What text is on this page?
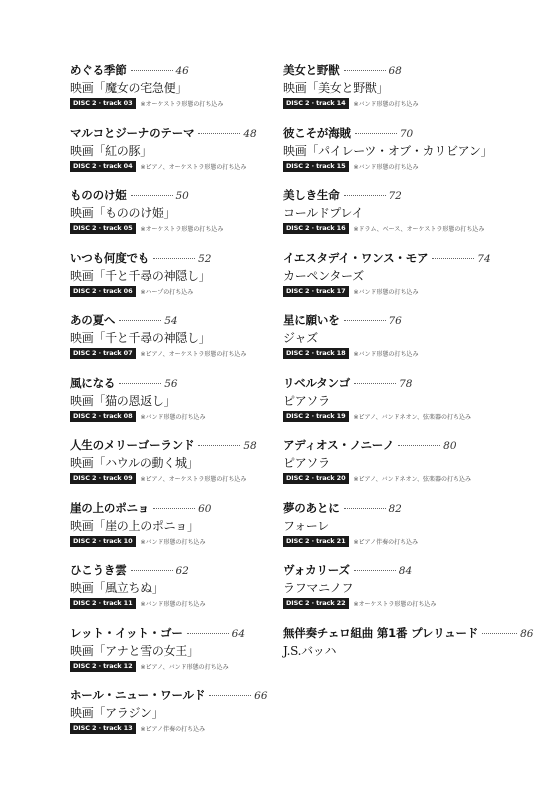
めぐる季節	46
映画「魔女の宅急便」
DISC 2 · track 03	※オーケストラ形態の打ち込み
マルコとジーナのテーマ	48
映画「紅の豚」
DISC 2 · track 04	※ピアノ、オーケストラ形態の打ち込み
もののけ姫	50
映画「もののけ姫」
DISC 2 · track 05	※オーケストラ形態の打ち込み
いつも何度でも	52
映画「千と千尋の神隠し」
DISC 2 · track 06	※ハープの打ち込み
あの夏へ	54
映画「千と千尋の神隠し」
DISC 2 · track 07	※ピアノ、オーケストラ形態の打ち込み
風になる	56
映画「猫の恩返し」
DISC 2 · track 08	※バンド形態の打ち込み
人生のメリーゴーランド	58
映画「ハウルの動く城」
DISC 2 · track 09	※ピアノ、オーケストラ形態の打ち込み
崖の上のポニョ	60
映画「崖の上のポニョ」
DISC 2 · track 10	※バンド形態の打ち込み
ひこうき雲	62
映画「風立ちぬ」
DISC 2 · track 11	※バンド形態の打ち込み
レット・イット・ゴー	64
映画「アナと雪の女王」
DISC 2 · track 12	※ピアノ、バンド形態の打ち込み
ホール・ニュー・ワールド	66
映画「アラジン」
DISC 2 · track 13	※ピアノ伴奏の打ち込み
美女と野獣	68
映画「美女と野獣」
DISC 2 · track 14	※バンド形態の打ち込み
彼こそが海賊	70
映画「パイレーツ・オブ・カリビアン」
DISC 2 · track 15	※バンド形態の打ち込み
美しき生命	72
コールドプレイ
DISC 2 · track 16	※ドラム、ベース、オーケストラ形態の打ち込み
イエスタデイ・ワンス・モア	74
カーペンターズ
DISC 2 · track 17	※バンド形態の打ち込み
星に願いを	76
ジャズ
DISC 2 · track 18	※バンド形態の打ち込み
リベルタンゴ	78
ピアソラ
DISC 2 · track 19	※ピアノ、バンドネオン、弦楽器の打ち込み
アディオス・ノニーノ	80
ピアソラ
DISC 2 · track 20	※ピアノ、バンドネオン、弦楽器の打ち込み
夢のあとに	82
フォーレ
DISC 2 · track 21	※ピアノ伴奏の打ち込み
ヴォカリーズ	84
ラフマニノフ
DISC 2 · track 22	※オーケストラ形態の打ち込み
無伴奏チェロ組曲 第1番 プレリュード	86
J.S.バッハ
